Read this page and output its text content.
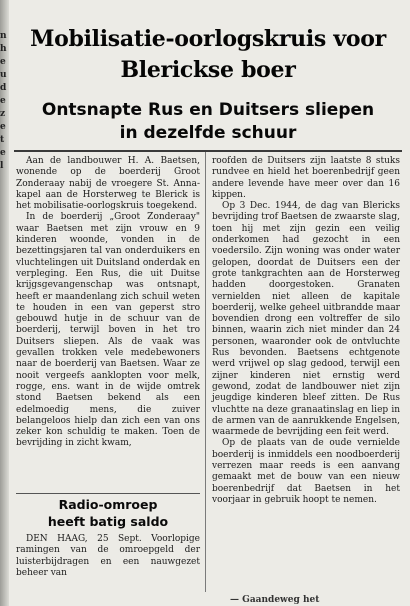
n
h
e
u
d
e
z
e
t
e
l
Mobilisatie-oorlogskruis voor
Blerickse boer
Ontsnapte Rus en Duitsers sliepen
in dezelfde schuur

Aan de landbouwer H. A. Baetsen, wonende op de boerderij Groot Zonderaay nabij de vroegere St. Anna-kapel aan de Horsterweg te Blerick is het mobilisatie-oorlogskruis toegekend.

In de boerderij „Groot Zonderaay" waar Baetsen met zijn vrouw en 9 kinderen woonde, vonden in de bezettingsjaren tal van onderduikers en vluchtelingen uit Duitsland onderdak en verpleging. Een Rus, die uit Duitse krijgsgevangenschap was ontsnapt, heeft er maandenlang zich schuil weten te houden in een van geperst stro gebouwd hutje in de schuur van de boerderij, terwijl boven in het tro Duitsers sliepen. Als de vaak was gevallen trokken vele medebewoners naar de boerderij van Baetsen. Waar ze nooit vergeefs aanklopten voor melk, rogge, ens. want in de wijde omtrek stond Baetsen bekend als een edelmoedig mens, die zuiver belangeloos hielp dan zich een van ons zeker kon schuldig te maken. Toen de bevrijding in zicht kwam,

roofden de Duitsers zijn laatste 8 stuks rundvee en hield het boerenbedrijf geen andere levende have meer over dan 16 kippen.

Op 3 Dec. 1944, de dag van Blericks bevrijding trof Baetsen de zwaarste slag, toen hij met zijn gezin een veilig onderkomen had gezocht in een voedersilo. Zijn woning was onder water gelopen, doordat de Duitsers een der grote tankgrachten aan de Horsterweg hadden doorgestoken. Granaten vernielden niet alleen de kapitale boerderij, welke geheel uitbrandde maar bovendien drong een voltreffer de silo binnen, waarin zich niet minder dan 24 personen, waaronder ook de ontvluchte Rus bevonden. Baetsens echtgenote werd vrijwel op slag gedood, terwijl een zijner kinderen niet ernstig werd gewond, zodat de landbouwer niet zijn jeugdige kinderen bleef zitten. De Rus vluchtte na deze granaatinslag en liep in de armen van de aanrukkende Engelsen, waarmede de bevrijding een feit werd.

Op de plaats van de oude vernielde boerderij is inmiddels een noodboerderij verrezen maar reeds is een aanvang gemaakt met de bouw van een nieuw boerenbedrijf dat Baetsen in het voorjaar in gebruik hoopt te nemen.

Radio-omroep
heeft batig saldo

DEN HAAG, 25 Sept. Voorlopige ramingen van de omroepgeld der luisterbijdragen en een nauwgezet beheer van

— Gaandeweg het
